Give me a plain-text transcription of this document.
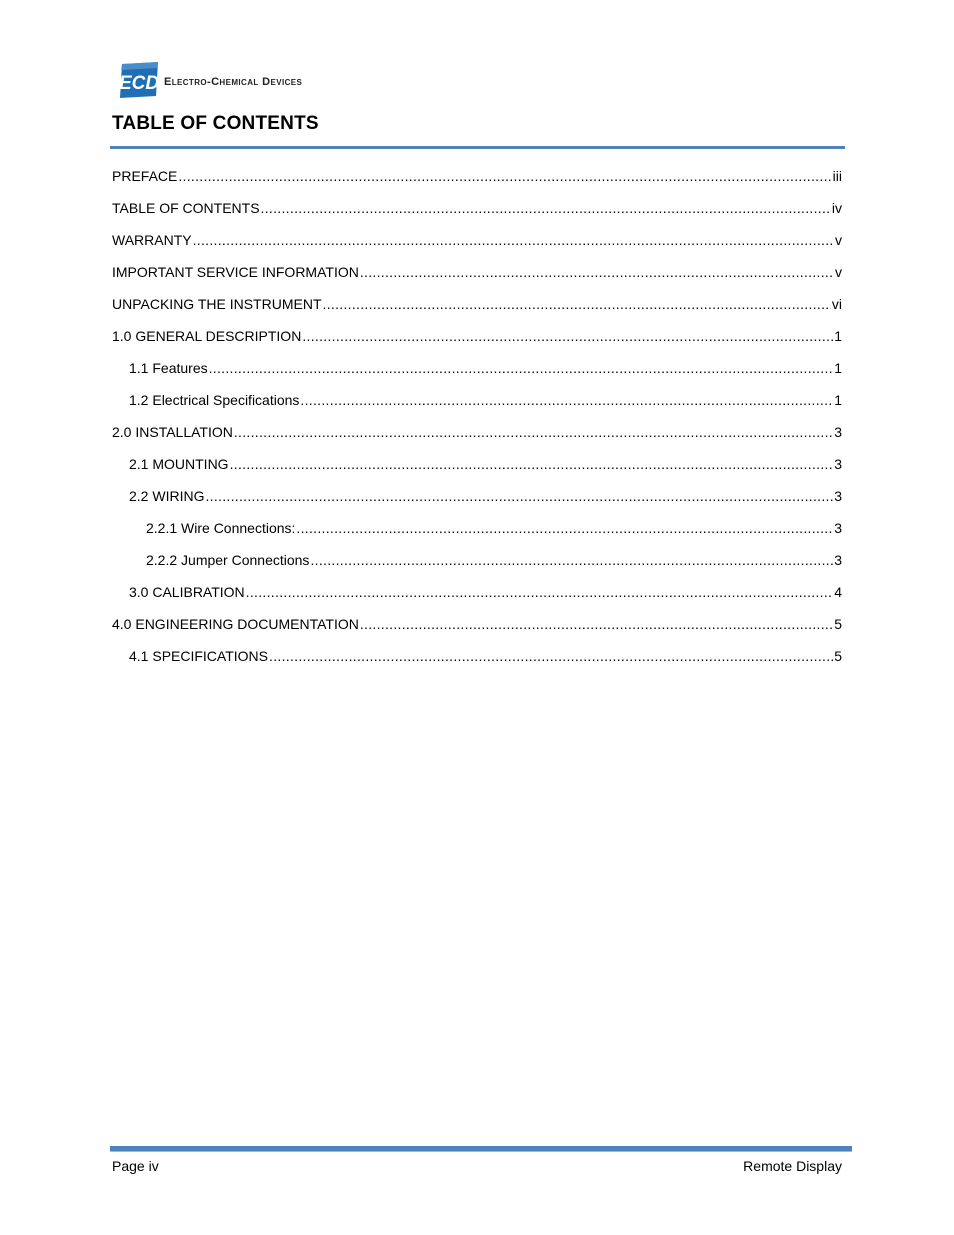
ECD Electro-Chemical Devices
TABLE OF CONTENTS
PREFACE .....	iii
TABLE OF CONTENTS .....	iv
WARRANTY .....	v
IMPORTANT SERVICE INFORMATION .....	v
UNPACKING THE INSTRUMENT .....	vi
1.0 GENERAL DESCRIPTION .....	1
1.1 Features .....	1
1.2 Electrical Specifications .....	1
2.0 INSTALLATION .....	3
2.1 MOUNTING .....	3
2.2 WIRING .....	3
2.2.1 Wire Connections: .....	3
2.2.2 Jumper Connections .....	3
3.0 CALIBRATION .....	4
4.0 ENGINEERING DOCUMENTATION .....	5
4.1 SPECIFICATIONS .....	5
Page iv	Remote Display
